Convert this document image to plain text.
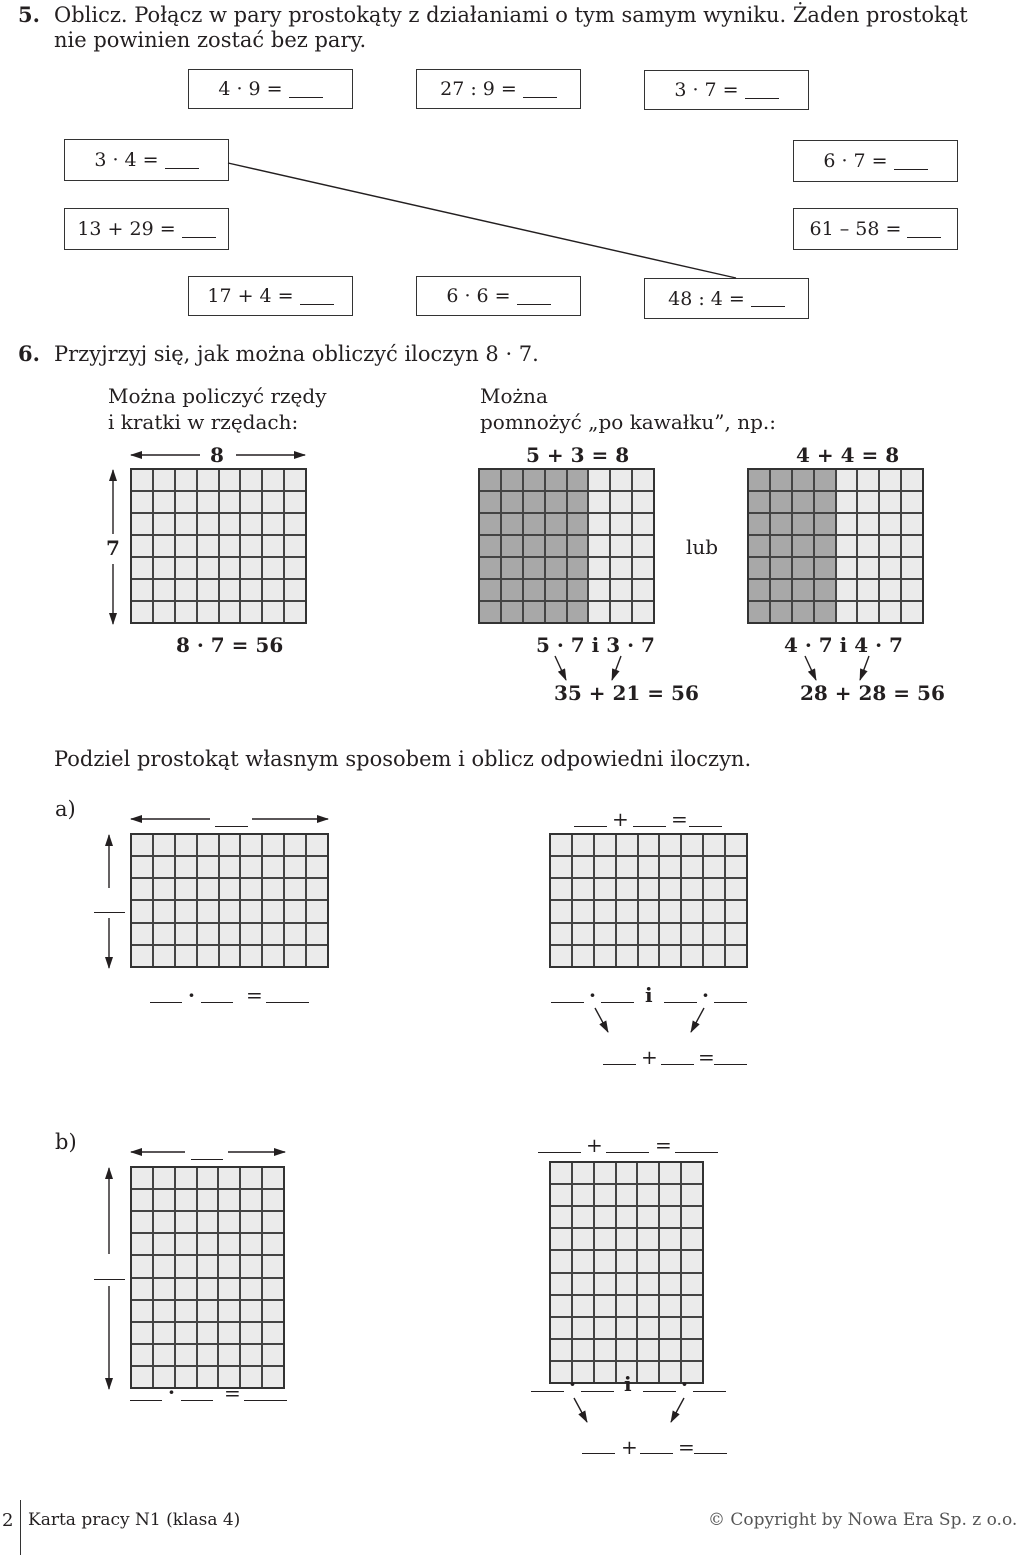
5. Oblicz. Połącz w pary prostokąty z działaniami o tym samym wyniku. Żaden prostokąt
nie powinien zostać bez pary.
4 · 9 =
	27 : 9 =
	3 · 7 =

3 · 4 =
	6 · 7 =

13 + 29 =
	61 – 58 =

17 + 4 =
	6 · 6 =
	48 : 4 =

6. Przyjrzyj się, jak można obliczyć iloczyn 8 · 7.
Można policzyć rzędy
i kratki w rzędach:
Można
pomnożyć „po kawałku”, np.:
8
7
5 + 3 = 8	4 + 4 = 8
lub
8 · 7 = 56	5 · 7 i 3 · 7	4 · 7 i 4 · 7
35 + 21 = 56	28 + 28 = 56
Podziel prostokąt własnym sposobem i oblicz odpowiedni iloczyn.
a)	+ =
·	=	· i ·
+ =
b)	+	=
· =	· i ·
+ =
2 Karta pracy N1 (klasa 4)	© Copyright by Nowa Era Sp. z o.o.
